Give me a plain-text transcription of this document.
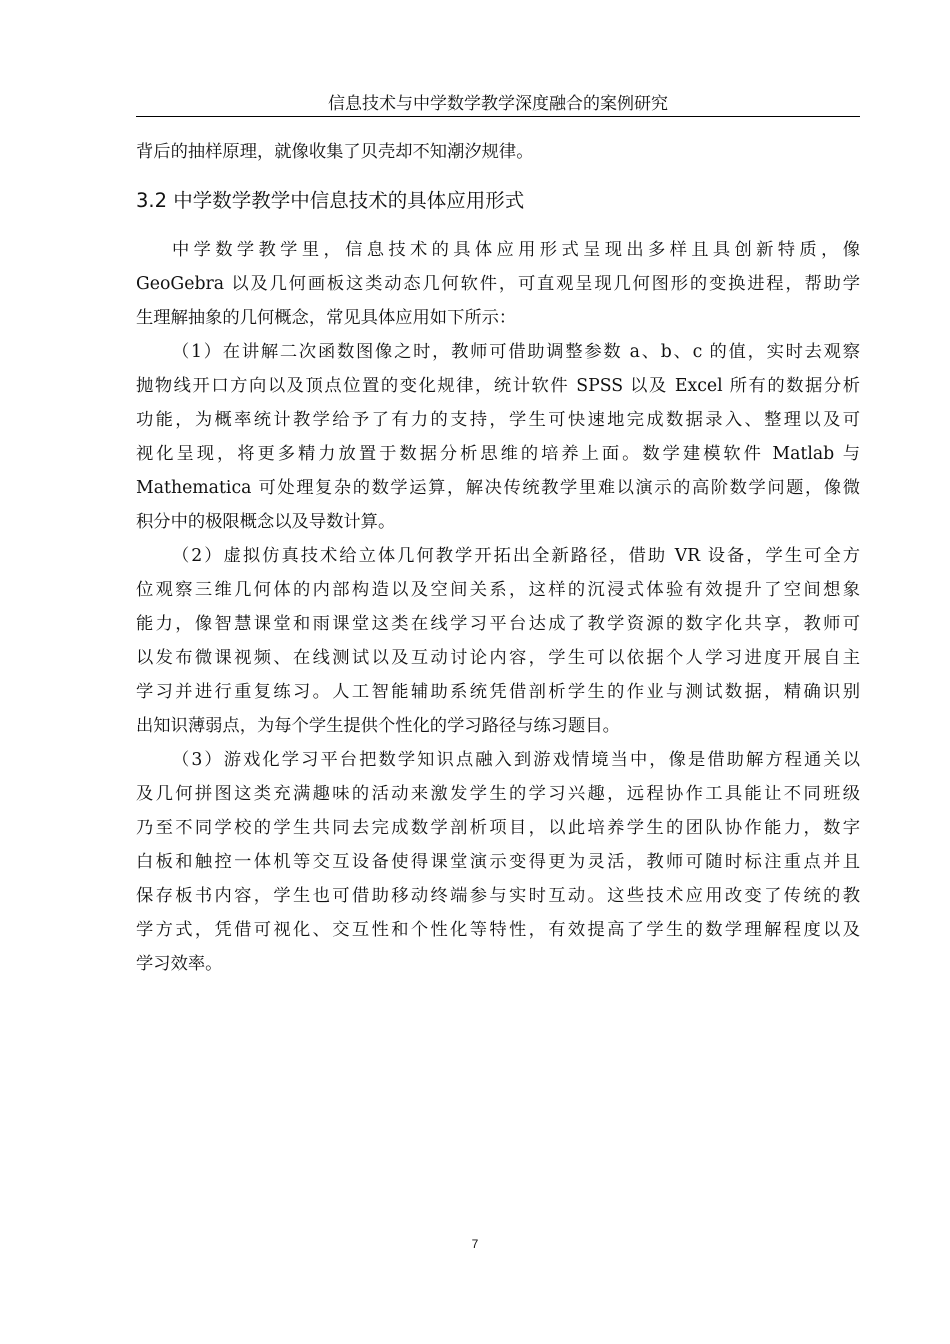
信息技术与中学数学教学深度融合的案例研究
背后的抽样原理，就像收集了贝壳却不知潮汐规律。
3.2 中学数学教学中信息技术的具体应用形式
中学数学教学里，信息技术的具体应用形式呈现出多样且具创新特质，像
GeoGebra 以及几何画板这类动态几何软件，可直观呈现几何图形的变换进程，帮助学
生理解抽象的几何概念，常见具体应用如下所示：
（1）在讲解二次函数图像之时，教师可借助调整参数 a、b、c 的值，实时去观察
抛物线开口方向以及顶点位置的变化规律，统计软件 SPSS 以及 Excel 所有的数据分析
功能，为概率统计教学给予了有力的支持，学生可快速地完成数据录入、整理以及可
视化呈现，将更多精力放置于数据分析思维的培养上面。数学建模软件 Matlab 与
Mathematica 可处理复杂的数学运算，解决传统教学里难以演示的高阶数学问题，像微
积分中的极限概念以及导数计算。
（2）虚拟仿真技术给立体几何教学开拓出全新路径，借助 VR 设备，学生可全方
位观察三维几何体的内部构造以及空间关系，这样的沉浸式体验有效提升了空间想象
能力，像智慧课堂和雨课堂这类在线学习平台达成了教学资源的数字化共享，教师可
以发布微课视频、在线测试以及互动讨论内容，学生可以依据个人学习进度开展自主
学习并进行重复练习。人工智能辅助系统凭借剖析学生的作业与测试数据，精确识别
出知识薄弱点，为每个学生提供个性化的学习路径与练习题目。
（3）游戏化学习平台把数学知识点融入到游戏情境当中，像是借助解方程通关以
及几何拼图这类充满趣味的活动来激发学生的学习兴趣，远程协作工具能让不同班级
乃至不同学校的学生共同去完成数学剖析项目，以此培养学生的团队协作能力，数字
白板和触控一体机等交互设备使得课堂演示变得更为灵活，教师可随时标注重点并且
保存板书内容，学生也可借助移动终端参与实时互动。这些技术应用改变了传统的教
学方式，凭借可视化、交互性和个性化等特性，有效提高了学生的数学理解程度以及
学习效率。
7
